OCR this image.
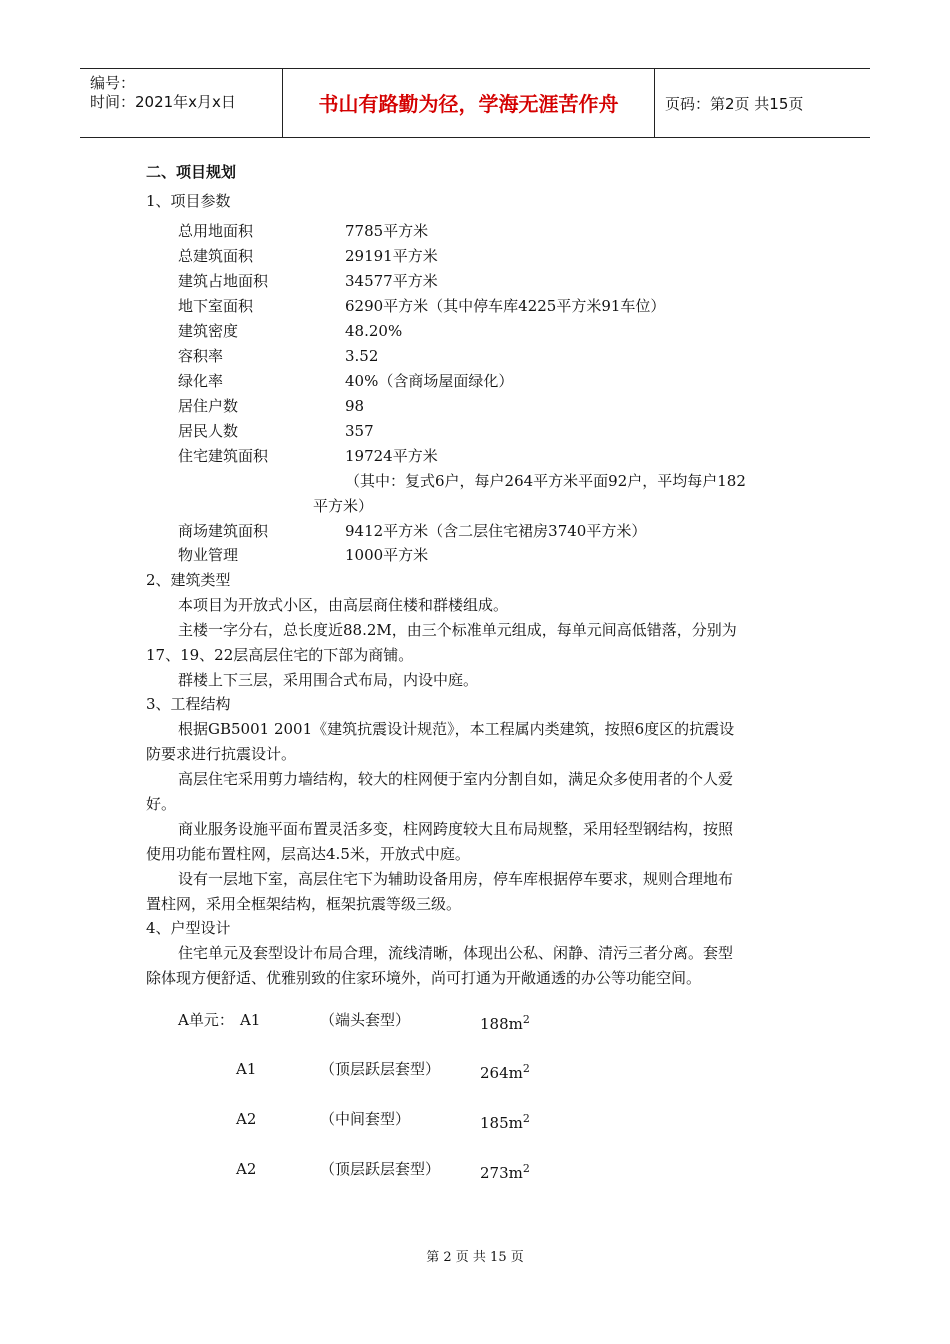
编号：
时间：2021年x月x日	书山有路勤为径，学海无涯苦作舟	页码：第2页 共15页
二、项目规划
1、项目参数
总用地面积	7785平方米
总建筑面积	29191平方米
建筑占地面积	34577平方米
地下室面积	6290平方米（其中停车库4225平方米91车位）
建筑密度	48.20%
容积率	3.52
绿化率	40%（含商场屋面绿化）
居住户数	98
居民人数	357
住宅建筑面积	19724平方米
（其中：复式6户，每户264平方米平面92户，平均每户182
平方米）
商场建筑面积	9412平方米（含二层住宅裙房3740平方米）
物业管理	1000平方米
2、建筑类型
本项目为开放式小区，由高层商住楼和群楼组成。
主楼一字分右，总长度近88.2M，由三个标准单元组成，每单元间高低错落，分别为
17、19、22层高层住宅的下部为商铺。
群楼上下三层，采用围合式布局，内设中庭。
3、工程结构
根据GB5001 2001《建筑抗震设计规范》，本工程属内类建筑，按照6度区的抗震设
防要求进行抗震设计。
高层住宅采用剪力墙结构，较大的柱网便于室内分割自如，满足众多使用者的个人爱
好。
商业服务设施平面布置灵活多变，柱网跨度较大且布局规整，采用轻型钢结构，按照
使用功能布置柱网，层高达4.5米，开放式中庭。
设有一层地下室，高层住宅下为辅助设备用房，停车库根据停车要求，规则合理地布
置柱网，采用全框架结构，框架抗震等级三级。
4、户型设计
住宅单元及套型设计布局合理，流线清晰，体现出公私、闲静、清污三者分离。套型
除体现方便舒适、优雅别致的住家环境外，尚可打通为开敞通透的办公等功能空间。
A单元： A1	（端头套型）	$188m^2$
A1	（顶层跃层套型）	$264m^2$
A2	（中间套型）	$185m^2$
A2	（顶层跃层套型）	$273m^2$
第 2 页 共 15 页
